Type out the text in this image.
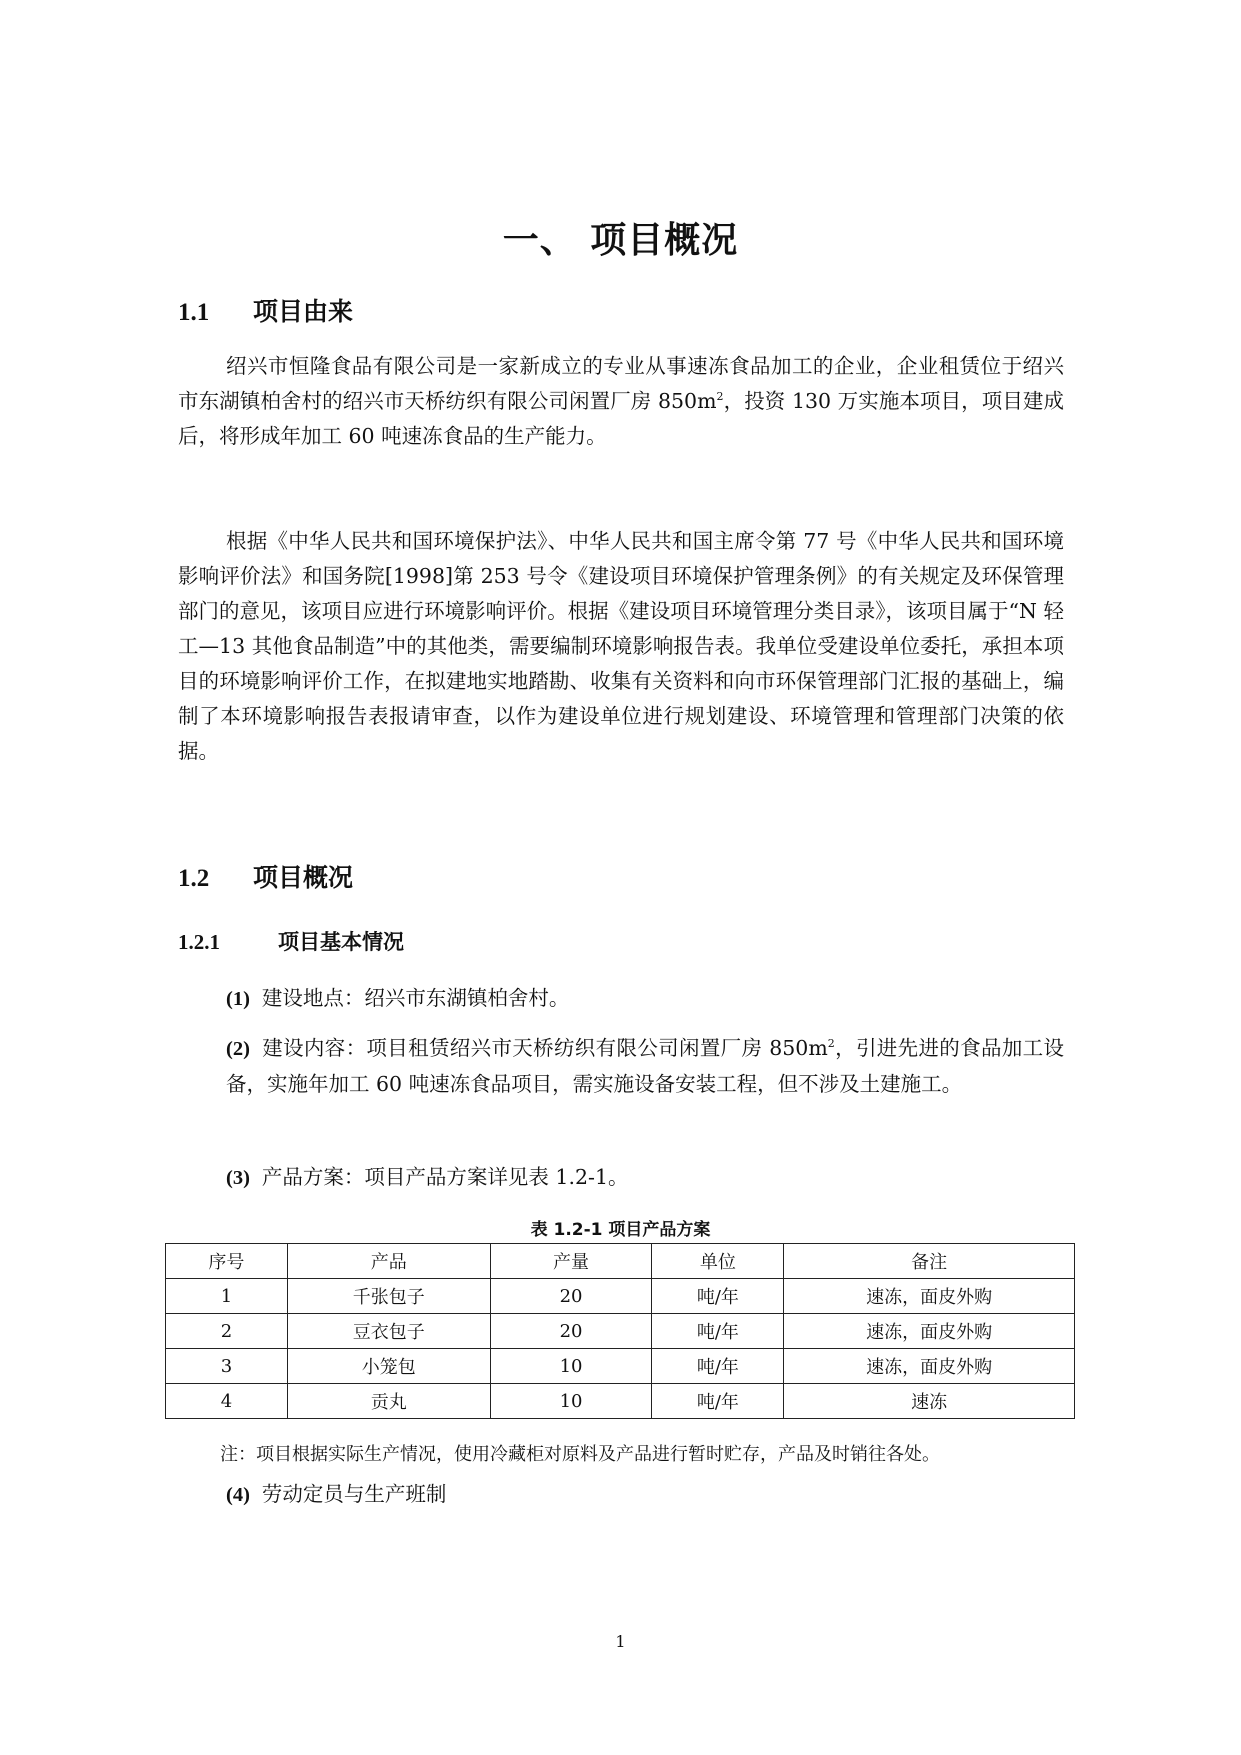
一、 项目概况
1.1 项目由来

绍兴市恒隆食品有限公司是一家新成立的专业从事速冻食品加工的企业，企业租赁位于绍兴市东湖镇柏舍村的绍兴市天桥纺织有限公司闲置厂房 $850m^2$，投资 130 万实施本项目，项目建成后，将形成年加工 60 吨速冻食品的生产能力。

根据《中华人民共和国环境保护法》、中华人民共和国主席令第 77 号《中华人民共和国环境影响评价法》和国务院[1998]第 253 号令《建设项目环境保护管理条例》的有关规定及环保管理部门的意见，该项目应进行环境影响评价。根据《建设项目环境管理分类目录》，该项目属于“N 轻工—13 其他食品制造”中的其他类，需要编制环境影响报告表。我单位受建设单位委托，承担本项目的环境影响评价工作，在拟建地实地踏勘、收集有关资料和向市环保管理部门汇报的基础上，编制了本环境影响报告表报请审查，以作为建设单位进行规划建设、环境管理和管理部门决策的依据。

1.2 项目概况
1.2.1	项目基本情况

(1) 建设地点：绍兴市东湖镇柏舍村。

(2) 建设内容：项目租赁绍兴市天桥纺织有限公司闲置厂房 $850m^2$，引进先进的食品加工设备，实施年加工 60 吨速冻食品项目，需实施设备安装工程，但不涉及土建施工。

(3) 产品方案：项目产品方案详见表 1.2-1。

表 1.2-1 项目产品方案
序号	产品	产量	单位	备注
1	千张包子	20	吨/年	速冻，面皮外购
2	豆衣包子	20	吨/年	速冻，面皮外购
3	小笼包	10	吨/年	速冻，面皮外购
4	贡丸	10	吨/年	速冻
注：项目根据实际生产情况，使用冷藏柜对原料及产品进行暂时贮存，产品及时销往各处。

(4) 劳动定员与生产班制

1
